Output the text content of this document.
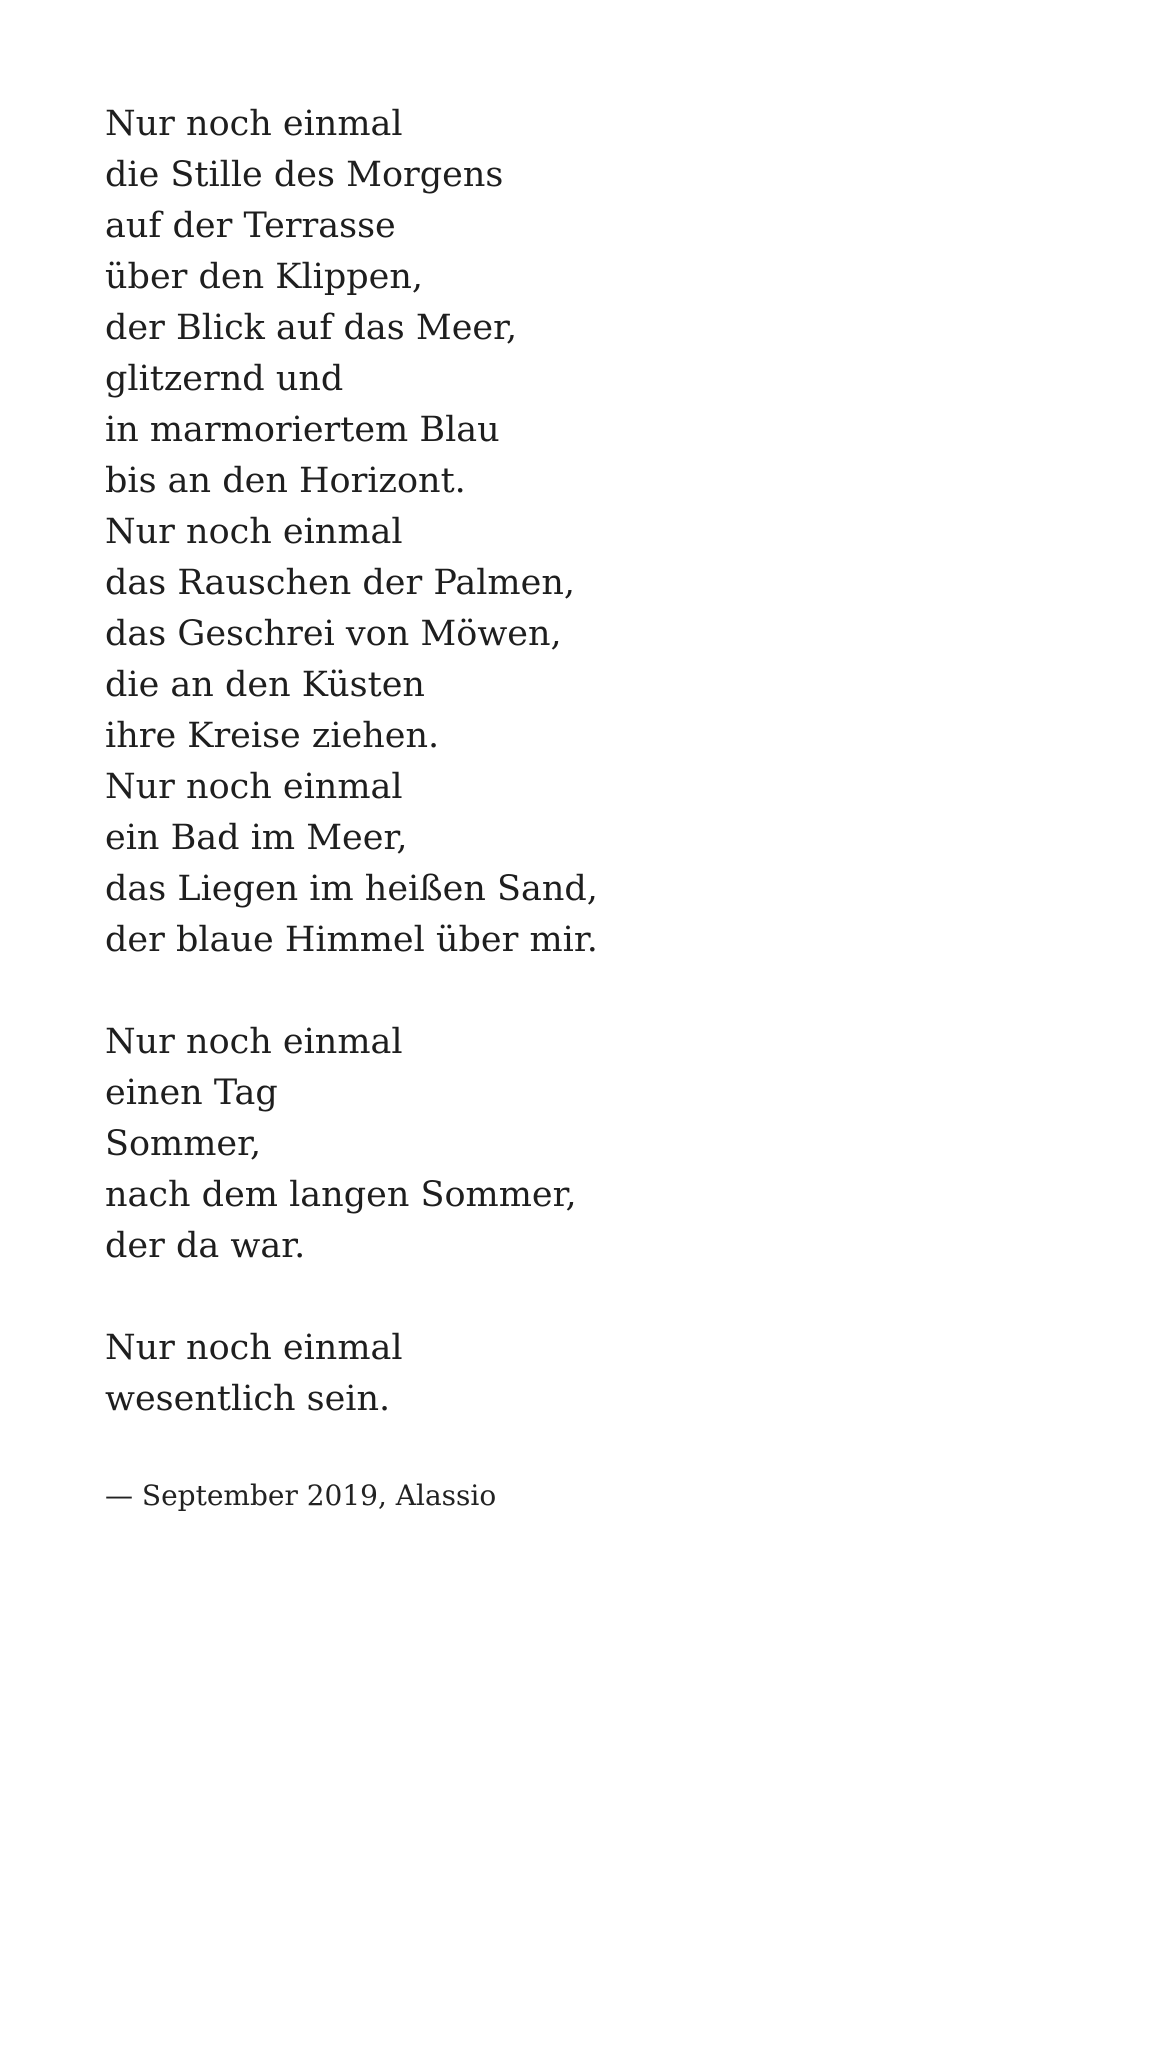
Nur noch einmal
die Stille des Morgens
auf der Terrasse
über den Klippen,
der Blick auf das Meer,
glitzernd und
in marmoriertem Blau
bis an den Horizont.
Nur noch einmal
das Rauschen der Palmen,
das Geschrei von Möwen,
die an den Küsten
ihre Kreise ziehen.
Nur noch einmal
ein Bad im Meer,
das Liegen im heißen Sand,
der blaue Himmel über mir.
Nur noch einmal
einen Tag
Sommer,
nach dem langen Sommer,
der da war.
Nur noch einmal
wesentlich sein.
— September 2019, Alassio
